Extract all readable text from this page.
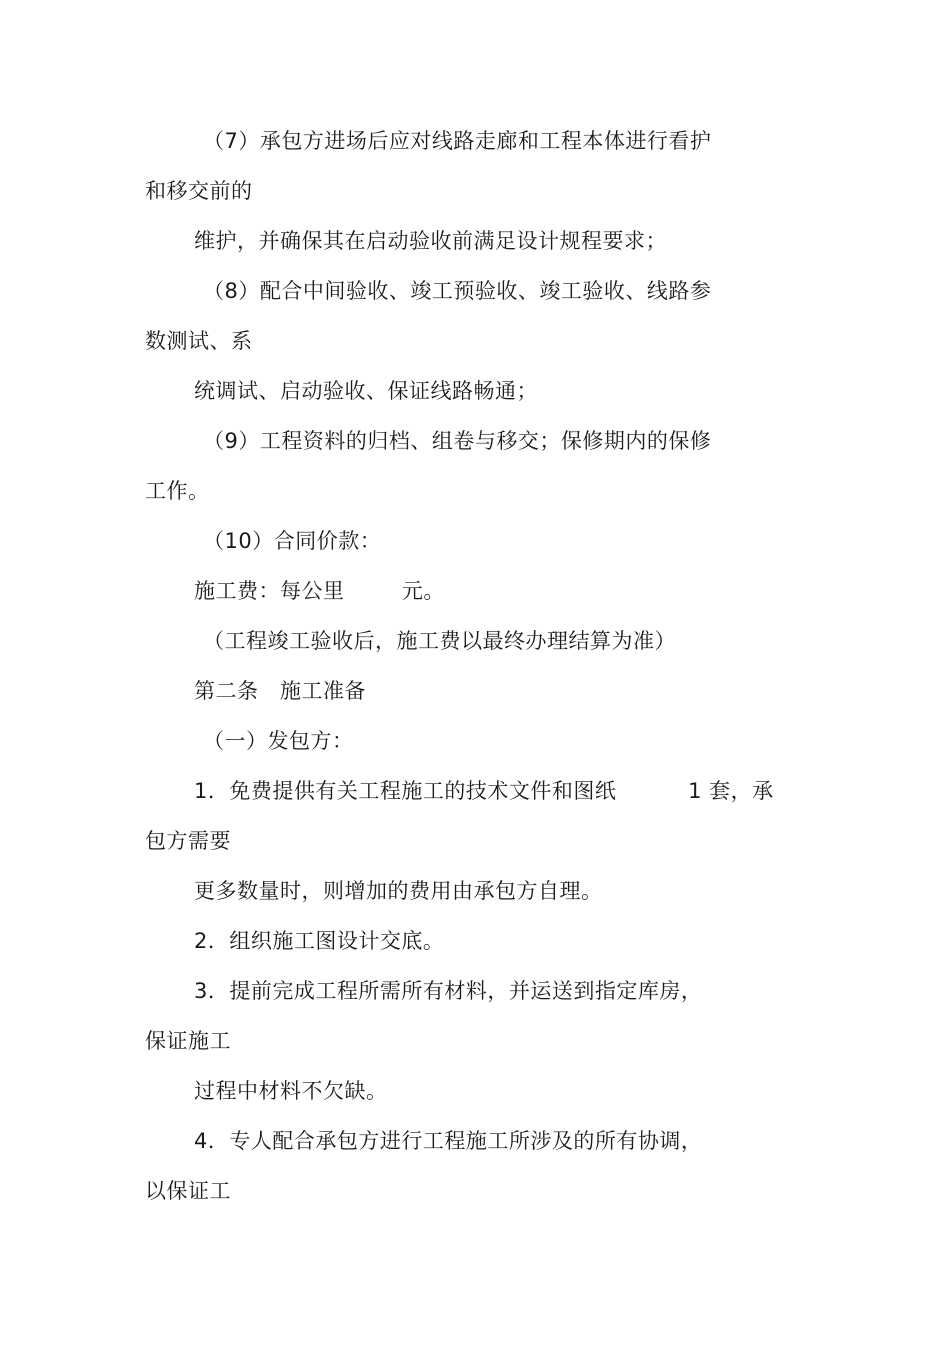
（7）承包方进场后应对线路走廊和工程本体进行看护
和移交前的
维护，并确保其在启动验收前满足设计规程要求；
（8）配合中间验收、竣工预验收、竣工验收、线路参
数测试、系
统调试、启动验收、保证线路畅通；
（9）工程资料的归档、组卷与移交；保修期内的保修
工作。
（10）合同价款：
施工费：每公里        元。
（工程竣工验收后，施工费以最终办理结算为准）
第二条   施工准备
（一）发包方：
1．免费提供有关工程施工的技术文件和图纸          1 套，承
包方需要
更多数量时，则增加的费用由承包方自理。
2．组织施工图设计交底。
3．提前完成工程所需所有材料，并运送到指定库房，
保证施工
过程中材料不欠缺。
4．专人配合承包方进行工程施工所涉及的所有协调，
以保证工
